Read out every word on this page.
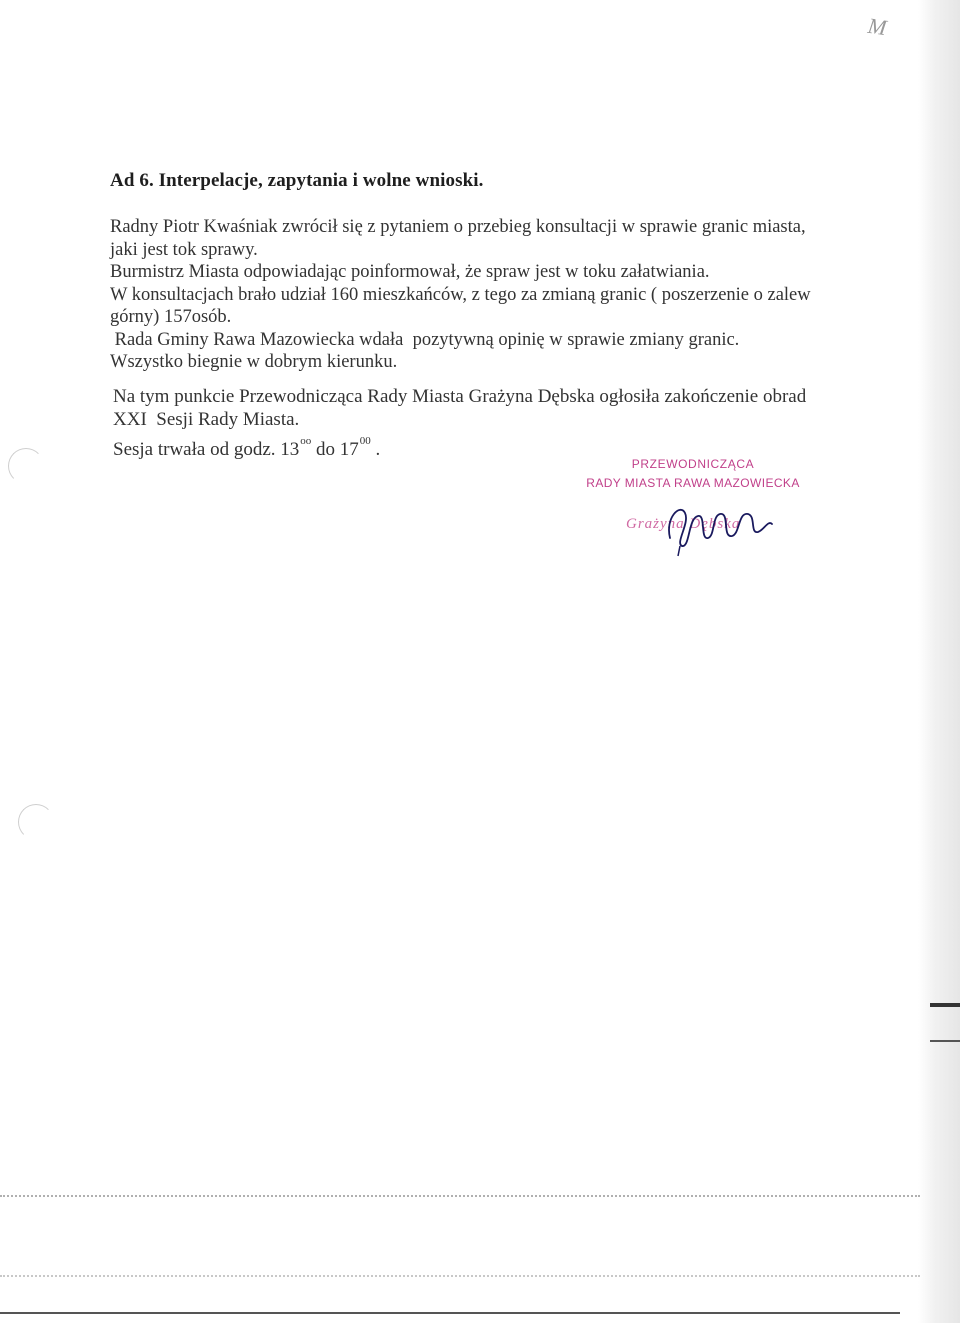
M
Ad 6. Interpelacje, zapytania i wolne wnioski.

Radny Piotr Kwaśniak zwrócił się z pytaniem o przebieg konsultacji w sprawie granic miasta,

jaki jest tok sprawy.

Burmistrz Miasta odpowiadając poinformował, że spraw jest w toku załatwiania.

W konsultacjach brało udział 160 mieszkańców, z tego za zmianą granic ( poszerzenie o zalew

górny) 157osób.

Rada Gminy Rawa Mazowiecka wdała  pozytywną opinię w sprawie zmiany granic.

Wszystko biegnie w dobrym kierunku.

Na tym punkcie Przewodnicząca Rady Miasta Grażyna Dębska ogłosiła zakończenie obrad

XXI  Sesji Rady Miasta.

Sesja trwała od godz. $13^{oo}$ do $17^{00}$ .
PRZEWODNICZĄCA
RADY MIASTA RAWA MAZOWIECKA
Grażyna Dębska
